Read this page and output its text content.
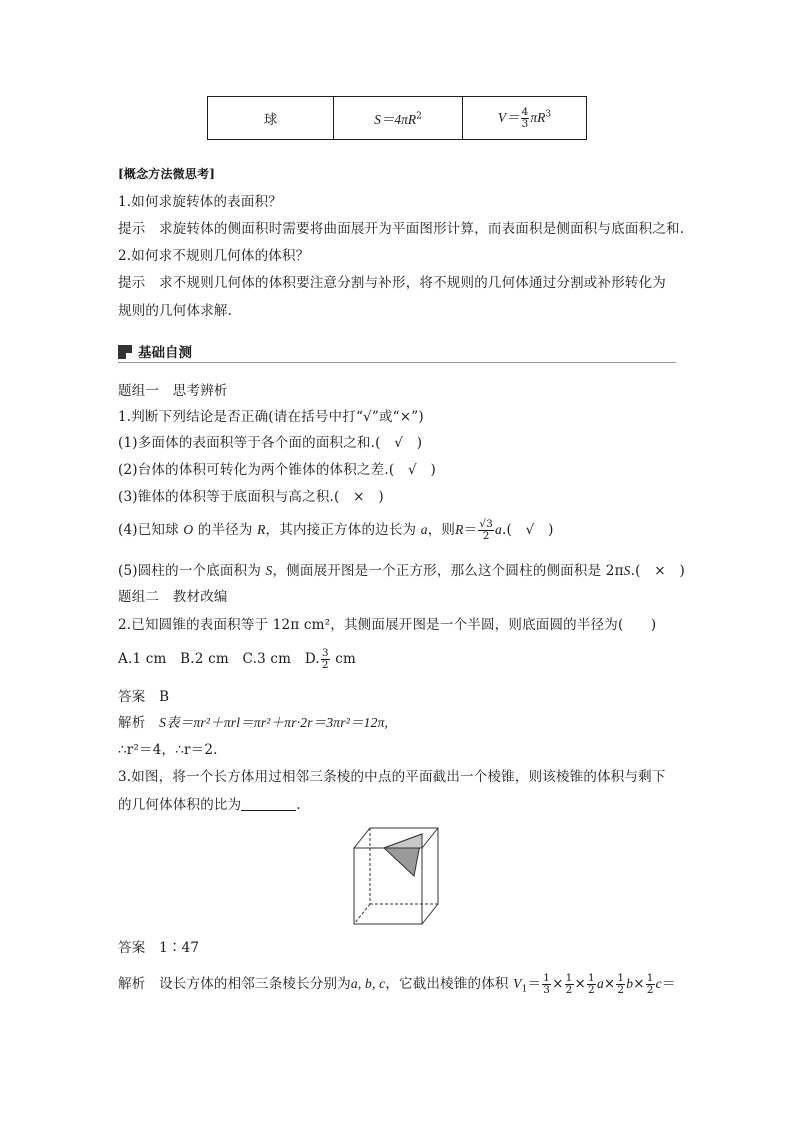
球	$S=4\pi R^2$	$V= \frac{4}{3} \pi R^3$
[概念方法微思考]
1.如何求旋转体的表面积？
提示　 求旋转体的侧面积时需要将曲面展开为平面图形计算，而表面积是侧面积与底面积之和.
2.如何求不规则几何体的体积？
提示　 求不规则几何体的体积要注意分割与补形，将不规则的几何体通过分割或补形转化为
规则的几何体求解.
基础自测
题组一　思考辨析
1.判断下列结论是否正确(请在括号中打“√”或“×”)
(1)多面体的表面积等于各个面的面积之和.(　√　)
(2)台体的体积可转化为两个锥体的体积之差.(　√　)
(3)锥体的体积等于底面积与高之积.(　×　)
(4)已知球 O 的半径为 R，其内接正方体的边长为 a，则$R= \frac{√3}{2} a$.(　√　)
(5)圆柱的一个底面积为 S，侧面展开图是一个正方形，那么这个圆柱的侧面积是 2πS.(　×　)
题组二　教材改编
2.已知圆锥的表面积等于 12π cm²，其侧面展开图是一个半圆，则底面圆的半径为(　　)
A.1 cm　B.2 cm　C.3 cm　D. $\frac{3}{2}$ cm
答案　 B
解析　 S表＝πr²＋πrl＝πr²＋πr·2r＝3πr²＝12π,
∴r²＝4，∴r＝2.
3.如图，将一个长方体用过相邻三条棱的中点的平面截出一个棱锥，则该棱锥的体积与剩下
的几何体体积的比为	.
答案　 1∶47
解析　 设长方体的相邻三条棱长分别为a, b, c，它截出棱锥的体积 $V_1= \frac{1}{3} \times \frac{1}{2} \times \frac{1}{2} a\times \frac{1}{2} b\times \frac{1}{2} c=$
